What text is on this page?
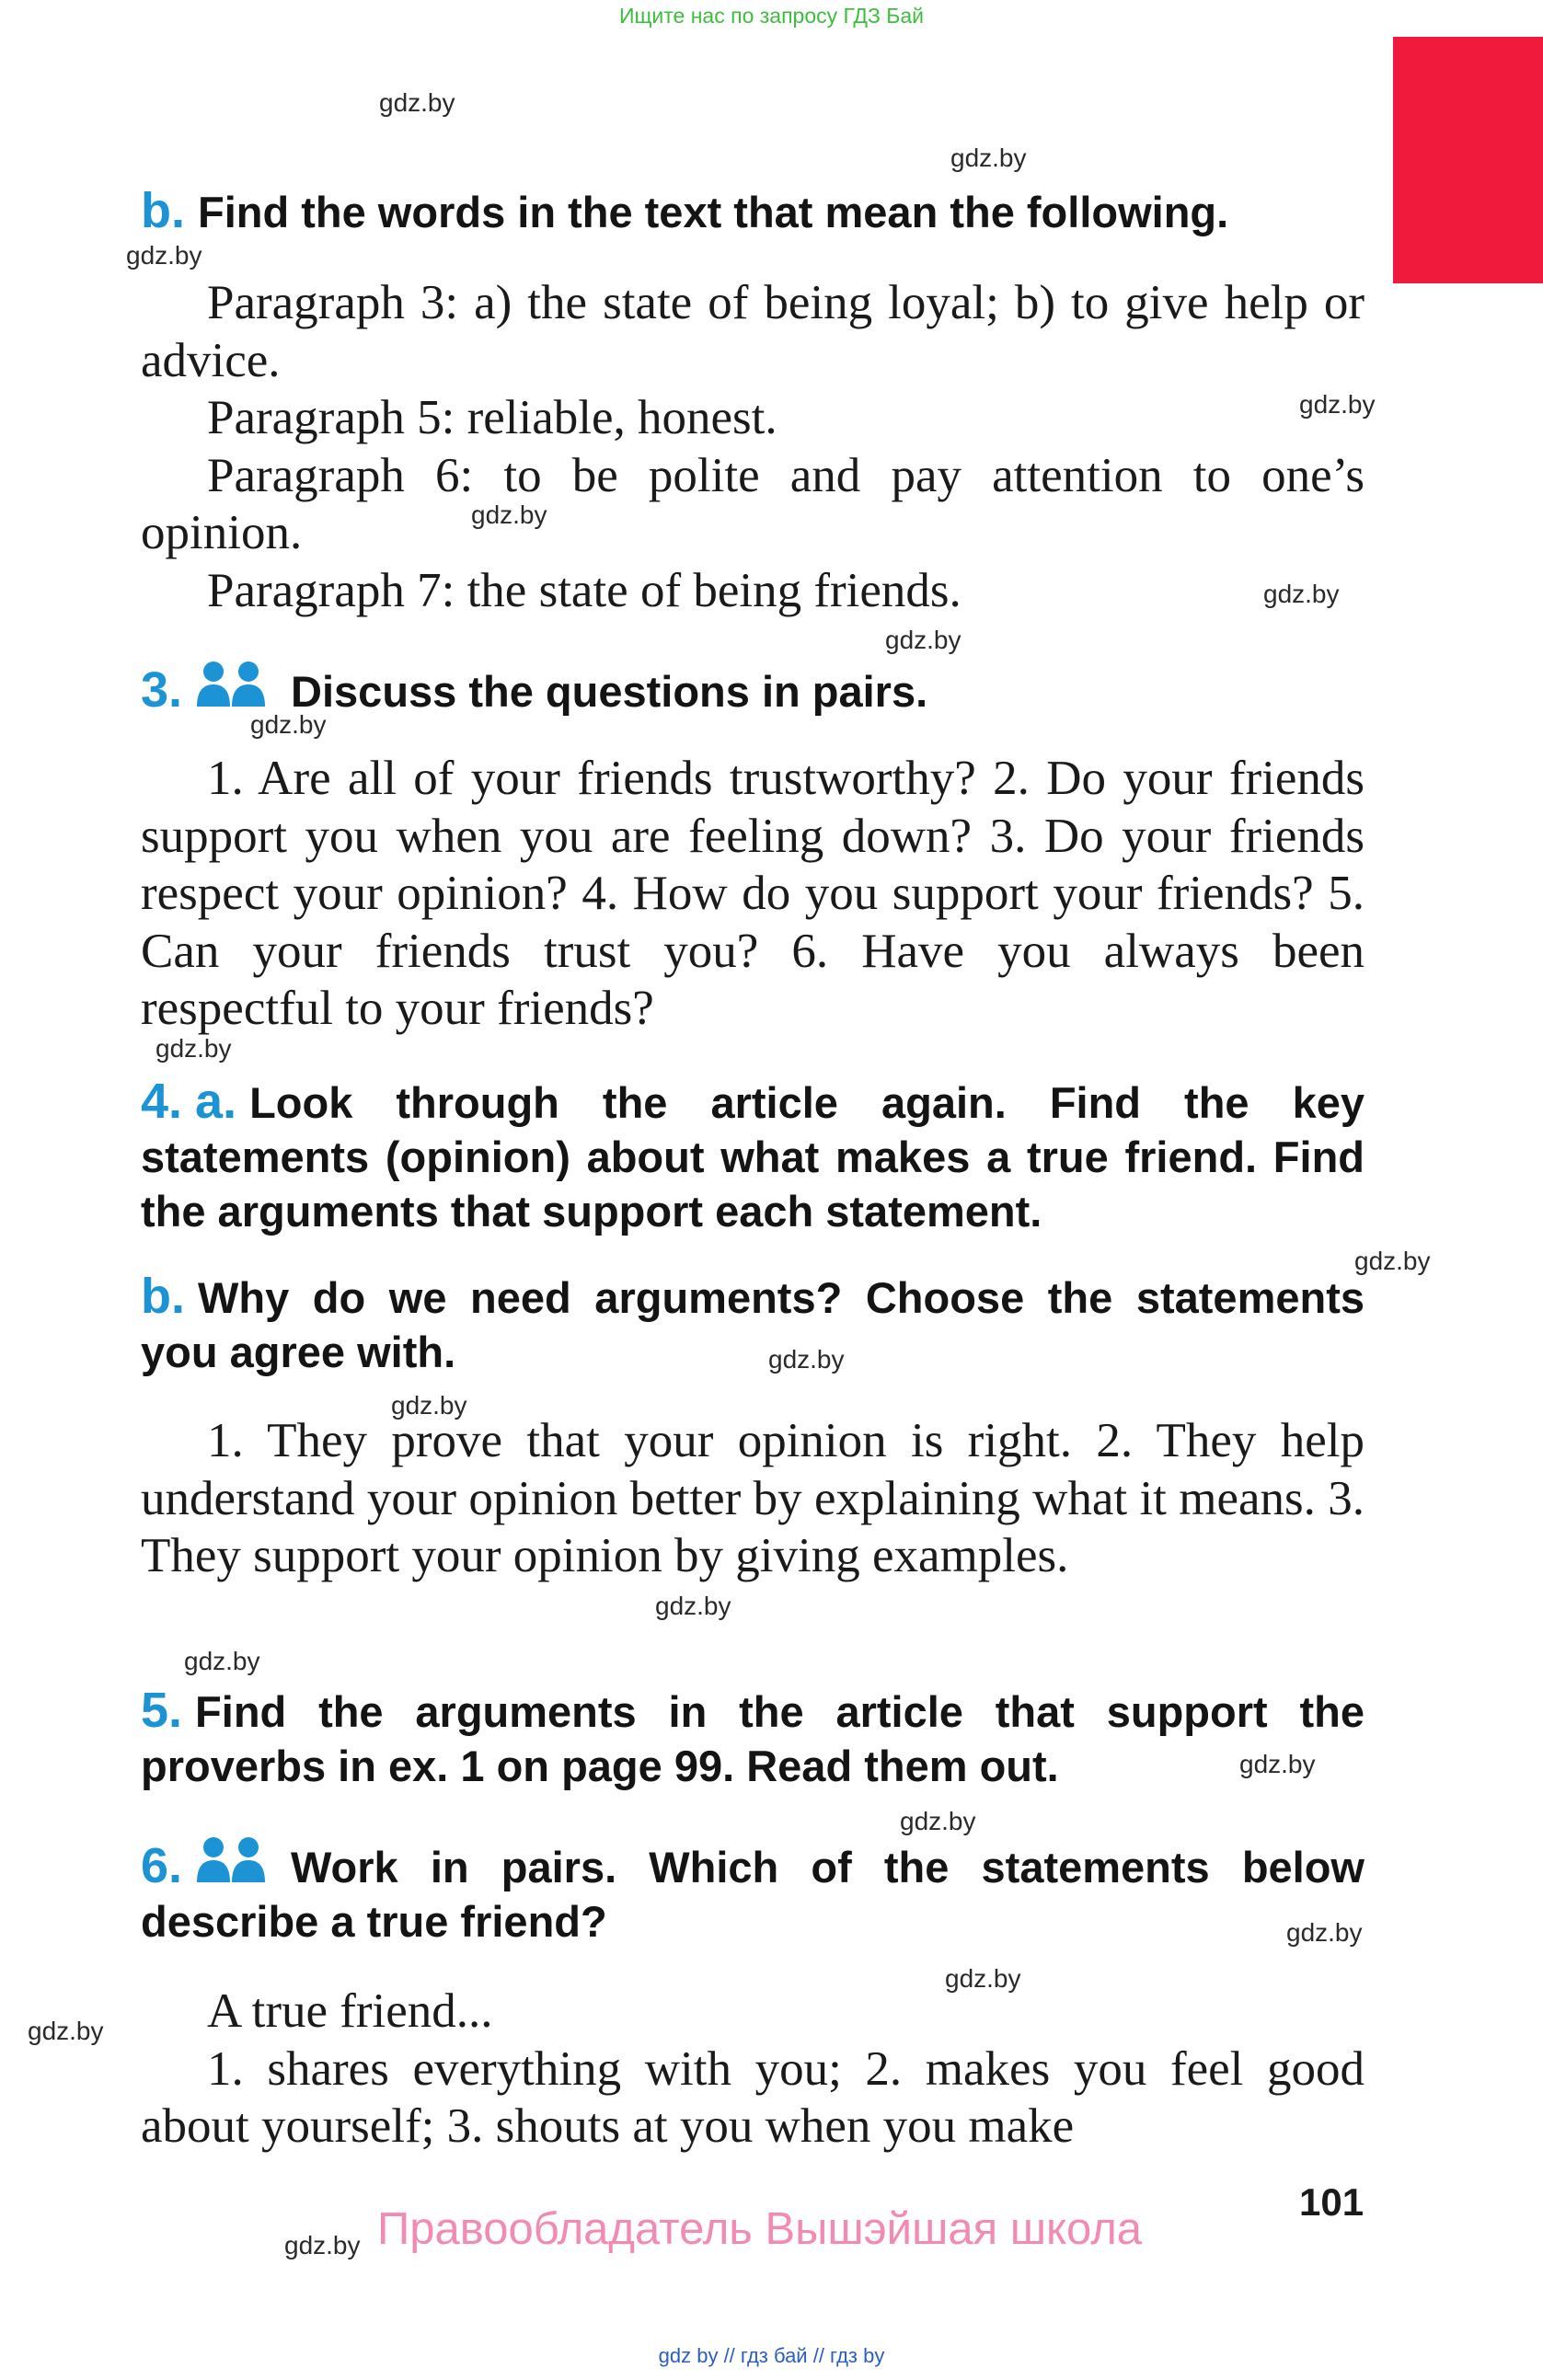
Ищите нас по запросу ГДЗ Бай
gdz.by
gdz.by
gdz.by
gdz.by
gdz.by
gdz.by
gdz.by
gdz.by
gdz.by
gdz.by
gdz.by
gdz.by
gdz.by
gdz.by
gdz.by
gdz.by
gdz.by
gdz.by
gdz.by
gdz.by
b. Find the words in the text that mean the following.

Paragraph 3: a) the state of being loyal; b) to give help or advice.

Paragraph 5: reliable, honest.

Paragraph 6: to be polite and pay attention to one’s opinion.

Paragraph 7: the state of being friends.

3.	Discuss the questions in pairs.

1. Are all of your friends trustworthy? 2. Do your friends support you when you are feeling down? 3. Do your friends respect your opinion? 4. How do you support your friends? 5. Can your friends trust you? 6. Have you always been respectful to your friends?

4. a. Look through the article again. Find the key statements (opinion) about what makes a true friend. Find the arguments that support each statement.
b. Why do we need arguments? Choose the statements you agree with.

1. They prove that your opinion is right. 2. They help understand your opinion better by explaining what it means. 3. They support your opinion by giving examples.

5. Find the arguments in the article that support the proverbs in ex. 1 on page 99. Read them out.
6.	Work in pairs. Which of the statements below describe a true friend?

A true friend...

1. shares everything with you; 2. makes you feel good about yourself; 3. shouts at you when you make

101
Правообладатель Вышэйшая школа
gdz by // гдз бай // гдз by
